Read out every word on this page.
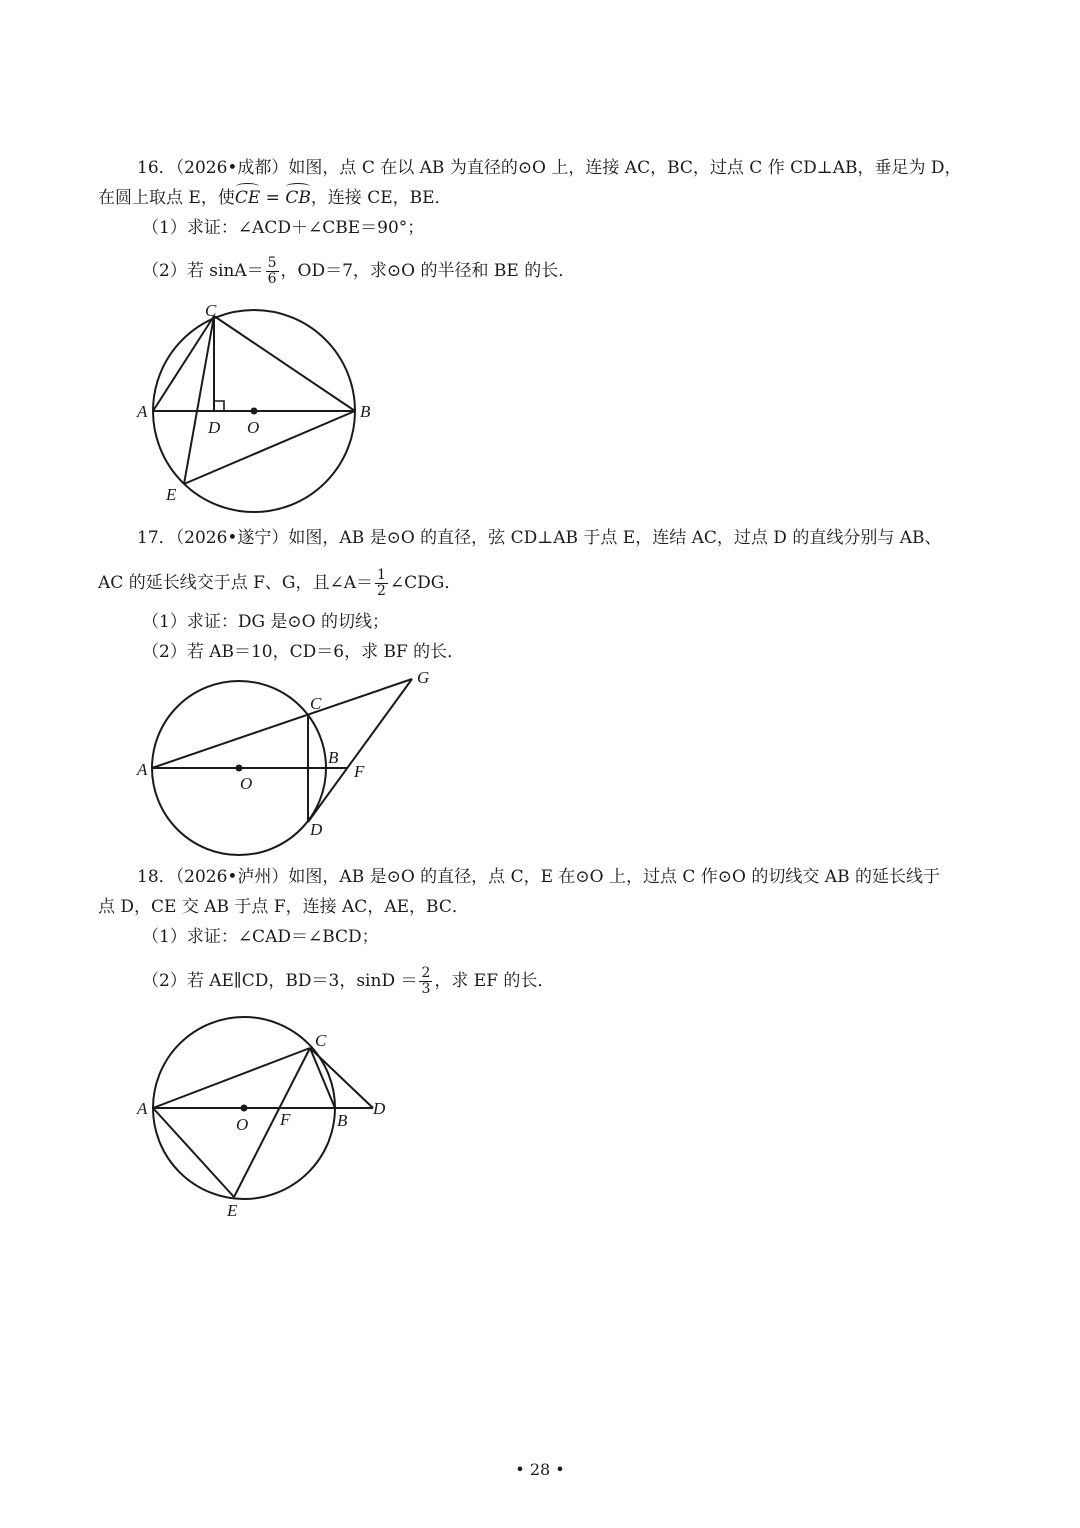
16．（2026•成都）如图，点 C 在以 AB 为直径的⊙O 上，连接 AC，BC，过点 C 作 CD⊥AB，垂足为 D，
在圆上取点 E，使CE = CB，连接 CE，BE．
（1）求证：∠ACD＋∠CBE＝90°；
（2）若 $\sin A= \frac{5}{6}$ ，OD＝7，求⊙O 的半径和 BE 的长．
C
A	B
D O
E
17．（2026•遂宁）如图，AB 是⊙O 的直径，弦 CD⊥AB 于点 E，连结 AC，过点 D 的直线分别与 AB、
AC 的延长线交于点 F、G，且∠A＝ $\frac{1}{2}$ ∠CDG．
（1）求证：DG 是⊙O 的切线；
（2）若 AB＝10，CD＝6，求 BF 的长．
G
C
A
O
B
F
D
18．（2026•泸州）如图，AB 是⊙O 的直径，点 C，E 在⊙O 上，过点 C 作⊙O 的切线交 AB 的延长线于
点 D，CE 交 AB 于点 F，连接 AC，AE，BC．
（1）求证：∠CAD＝∠BCD；
（2）若 AE∥CD，BD＝3，$\sin D = \frac{2}{3}$ ，求 EF 的长．
C
A
O F	B
D
E
• 28 •
